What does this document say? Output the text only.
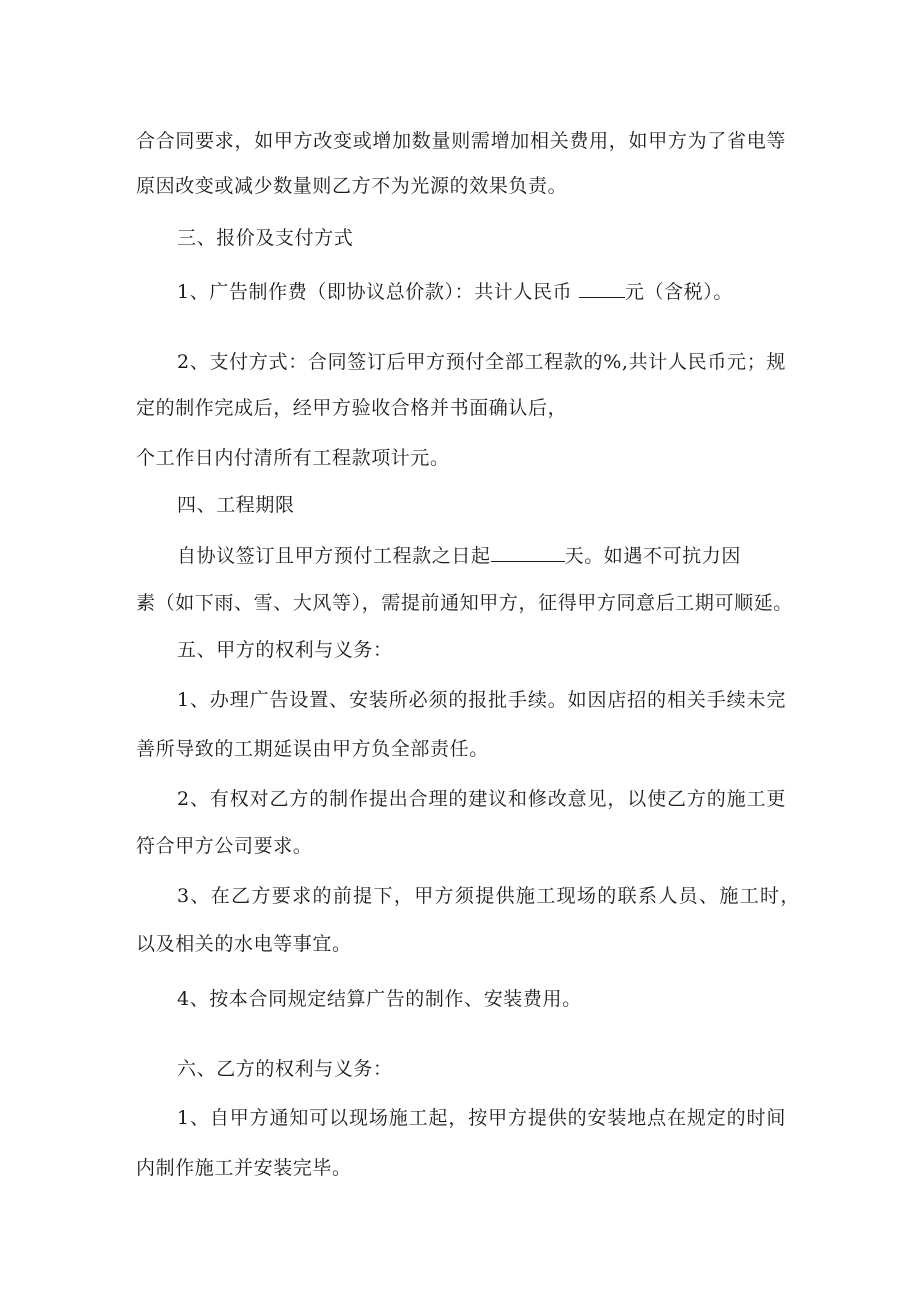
合合同要求，如甲方改变或增加数量则需增加相关费用，如甲方为了省电等

原因改变或减少数量则乙方不为光源的效果负责。

三、报价及支付方式

1、广告制作费（即协议总价款）：共计人民币 元（含税）。

2、支付方式：合同签订后甲方预付全部工程款的%,共计人民币元；规

定的制作完成后，经甲方验收合格并书面确认后，

个工作日内付清所有工程款项计元。

四、工程期限

自协议签订且甲方预付工程款之日起	天。如遇不可抗力因

素（如下雨、雪、大风等），需提前通知甲方，征得甲方同意后工期可顺延。

五、甲方的权利与义务：

1、办理广告设置、安装所必须的报批手续。如因店招的相关手续未完

善所导致的工期延误由甲方负全部责任。

2、有权对乙方的制作提出合理的建议和修改意见，以使乙方的施工更

符合甲方公司要求。

3、在乙方要求的前提下，甲方须提供施工现场的联系人员、施工时，

以及相关的水电等事宜。

4、按本合同规定结算广告的制作、安装费用。

六、乙方的权利与义务：

1、自甲方通知可以现场施工起，按甲方提供的安装地点在规定的时间

内制作施工并安装完毕。
